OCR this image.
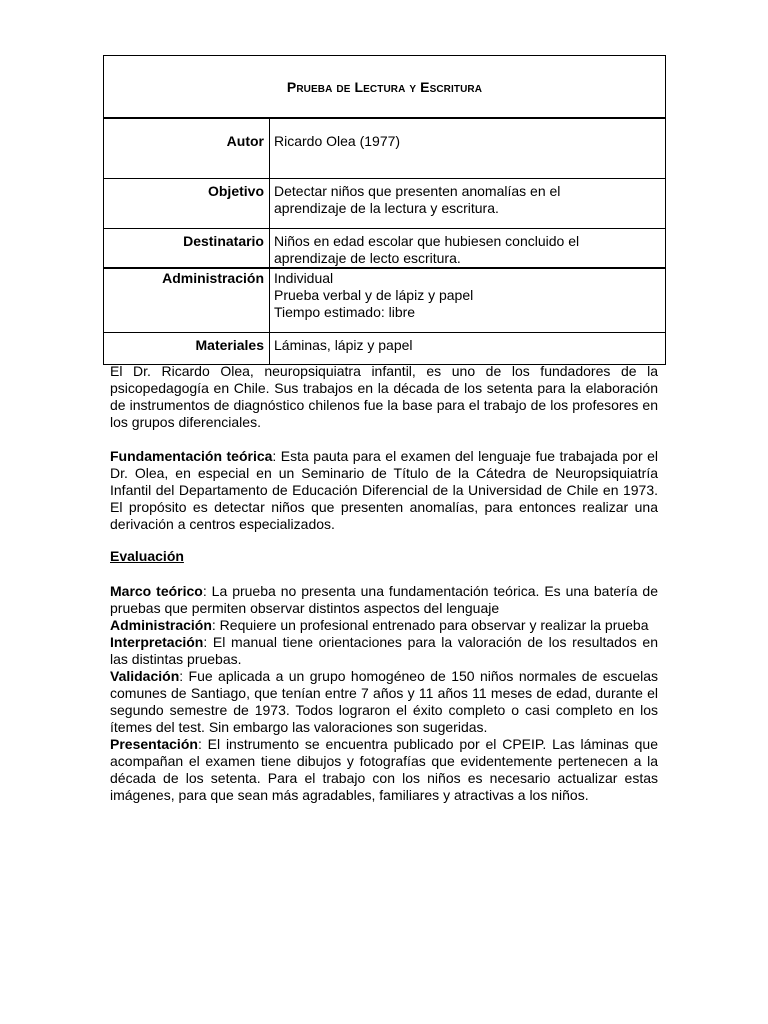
Prueba de Lectura y Escritura	
Autor	Ricardo Olea (1977)

Objetivo	Detectar niños que presenten anomalías en el
aprendizaje de la lectura y escritura.

Destinatario	Niños en edad escolar que hubiesen concluido el
aprendizaje de lecto escritura.

Administración	Individual
Prueba verbal y de lápiz y papel
Tiempo estimado: libre

Materiales	Láminas, lápiz y papel

El Dr. Ricardo Olea, neuropsiquiatra infantil, es uno de los fundadores de la psicopedagogía en Chile. Sus trabajos en la década de los setenta para la elaboración de instrumentos de diagnóstico chilenos fue la base para el trabajo de los profesores en los grupos diferenciales.

Fundamentación teórica: Esta pauta para el examen del lenguaje fue trabajada por el Dr. Olea, en especial en un Seminario de Título de la Cátedra de Neuropsiquiatría Infantil del Departamento de Educación Diferencial de la Universidad de Chile en 1973. El propósito es detectar niños que presenten anomalías, para entonces realizar una derivación a centros especializados.

Evaluación

Marco teórico: La prueba no presenta una fundamentación teórica. Es una batería de pruebas que permiten observar distintos aspectos del lenguaje

Administración: Requiere un profesional entrenado para observar y realizar la prueba

Interpretación: El manual tiene orientaciones para la valoración de los resultados en las distintas pruebas.

Validación: Fue aplicada a un grupo homogéneo de 150 niños normales de escuelas comunes de Santiago, que tenían entre 7 años y 11 años 11 meses de edad, durante el segundo semestre de 1973. Todos lograron el éxito completo o casi completo en los ítemes del test. Sin embargo las valoraciones son sugeridas.

Presentación: El instrumento se encuentra publicado por el CPEIP. Las láminas que acompañan el examen tiene dibujos y fotografías que evidentemente pertenecen a la década de los setenta. Para el trabajo con los niños es necesario actualizar estas imágenes, para que sean más agradables, familiares y atractivas a los niños.
